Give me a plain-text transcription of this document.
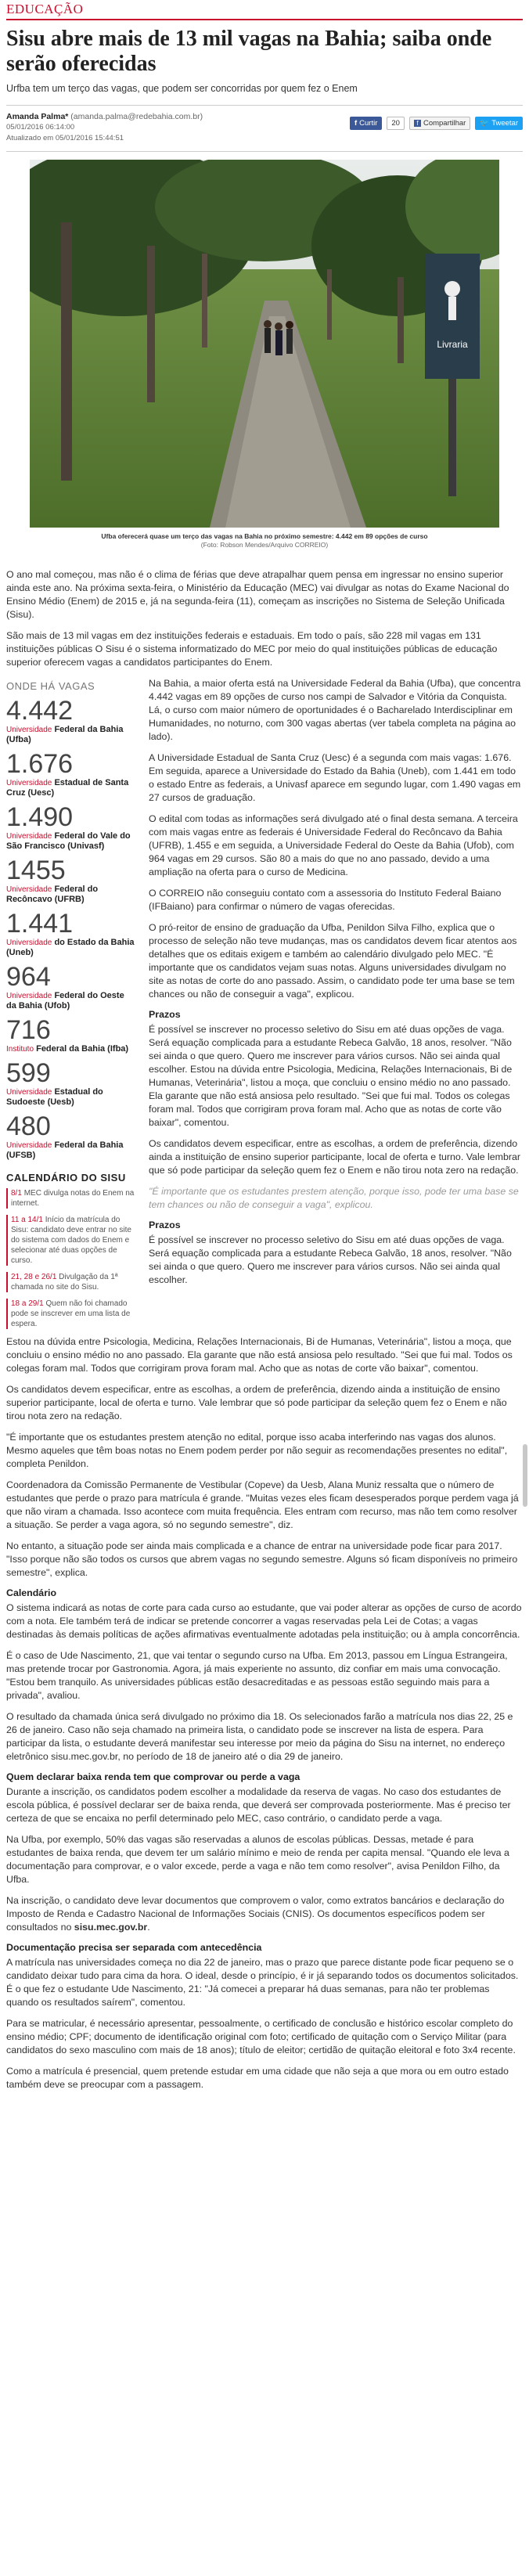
EDUCAÇÃO
Sisu abre mais de 13 mil vagas na Bahia; saiba onde serão oferecidas
Urfba tem um terço das vagas, que podem ser concorridas por quem fez o Enem
Amanda Palma* (amanda.palma@redebahia.com.br)
05/01/2016 06:14:00
Atualizado em 05/01/2016 15:44:51
f Curtir	20	f Compartilhar 🐦 Tweetar
Livraria
Ufba oferecerá quase um terço das vagas na Bahia no próximo semestre: 4.442 em 89 opções de curso
(Foto: Robson Mendes/Arquivo CORREIO)

O ano mal começou, mas não é o clima de férias que deve atrapalhar quem pensa em ingressar no ensino superior ainda este ano. Na próxima sexta-feira, o Ministério da Educação (MEC) vai divulgar as notas do Exame Nacional do Ensino Médio (Enem) de 2015 e, já na segunda-feira (11), começam as inscrições no Sistema de Seleção Unificada (Sisu).

São mais de 13 mil vagas em dez instituições federais e estaduais. Em todo o país, são 228 mil vagas em 131 instituições públicas O Sisu é o sistema informatizado do MEC por meio do qual instituições públicas de educação superior oferecem vagas a candidatos participantes do Enem.

ONDE HÁ VAGAS
4.442
Universidade Federal da Bahia (Ufba)
1.676
Universidade Estadual de Santa Cruz (Uesc)
1.490
Universidade Federal do Vale do São Francisco (Univasf)
1455
Universidade Federal do Recôncavo (UFRB)
1.441
Universidade do Estado da Bahia (Uneb)
964
Universidade Federal do Oeste da Bahia (Ufob)
716
Instituto Federal da Bahia (Ifba)
599
Universidade Estadual do Sudoeste (Uesb)
480
Universidade Federal da Bahia (UFSB)
CALENDÁRIO DO SISU
8/1 MEC divulga notas do Enem na internet.
11 a 14/1 Início da matrícula do Sisu: candidato deve entrar no site do sistema com dados do Enem e selecionar até duas opções de curso.
21, 28 e 26/1 Divulgação da 1ª chamada no site do Sisu.
18 a 29/1 Quem não foi chamado pode se inscrever em uma lista de espera.

Na Bahia, a maior oferta está na Universidade Federal da Bahia (Ufba), que concentra 4.442 vagas em 89 opções de curso nos campi de Salvador e Vitória da Conquista. Lá, o curso com maior número de oportunidades é o Bacharelado Interdisciplinar em Humanidades, no noturno, com 300 vagas abertas (ver tabela completa na página ao lado).

A Universidade Estadual de Santa Cruz (Uesc) é a segunda com mais vagas: 1.676. Em seguida, aparece a Universidade do Estado da Bahia (Uneb), com 1.441 em todo o estado Entre as federais, a Univasf aparece em segundo lugar, com 1.490 vagas em 27 cursos de graduação.

O edital com todas as informações será divulgado até o final desta semana. A terceira com mais vagas entre as federais é Universidade Federal do Recôncavo da Bahia (UFRB), 1.455 e em seguida, a Universidade Federal do Oeste da Bahia (Ufob), com 964 vagas em 29 cursos. São 80 a mais do que no ano passado, devido a uma ampliação na oferta para o curso de Medicina.

O CORREIO não conseguiu contato com a assessoria do Instituto Federal Baiano (IFBaiano) para confirmar o número de vagas oferecidas.

O pró-reitor de ensino de graduação da Ufba, Penildon Silva Filho, explica que o processo de seleção não teve mudanças, mas os candidatos devem ficar atentos aos detalhes que os editais exigem e também ao calendário divulgado pelo MEC. "É importante que os candidatos vejam suas notas. Alguns universidades divulgam no site as notas de corte do ano passado. Assim, o candidato pode ter uma base se tem chances ou não de conseguir a vaga", explicou.

Prazos

É possível se inscrever no processo seletivo do Sisu em até duas opções de vaga. Será equação complicada para a estudante Rebeca Galvão, 18 anos, resolver. "Não sei ainda o que quero. Quero me inscrever para vários cursos. Não sei ainda qual escolher. Estou na dúvida entre Psicologia, Medicina, Relações Internacionais, Bi de Humanas, Veterinária", listou a moça, que concluiu o ensino médio no ano passado. Ela garante que não está ansiosa pelo resultado. "Sei que fui mal. Todos os colegas foram mal. Todos que corrigiram prova foram mal. Acho que as notas de corte vão baixar", comentou.

Os candidatos devem especificar, entre as escolhas, a ordem de preferência, dizendo ainda a instituição de ensino superior participante, local de oferta e turno. Vale lembrar que só pode participar da seleção quem fez o Enem e não tirou nota zero na redação.

"É importante que os estudantes prestem atenção, porque isso, pode ter uma base se tem chances ou não de conseguir a vaga", explicou.

Prazos

É possível se inscrever no processo seletivo do Sisu em até duas opções de vaga. Será equação complicada para a estudante Rebeca Galvão, 18 anos, resolver. "Não sei ainda o que quero. Quero me inscrever para vários cursos. Não sei ainda qual escolher.

Estou na dúvida entre Psicologia, Medicina, Relações Internacionais, Bi de Humanas, Veterinária", listou a moça, que concluiu o ensino médio no ano passado. Ela garante que não está ansiosa pelo resultado. "Sei que fui mal. Todos os colegas foram mal. Todos que corrigiram prova foram mal. Acho que as notas de corte vão baixar", comentou.

Os candidatos devem especificar, entre as escolhas, a ordem de preferência, dizendo ainda a instituição de ensino superior participante, local de oferta e turno. Vale lembrar que só pode participar da seleção quem fez o Enem e não tirou nota zero na redação.

"É importante que os estudantes prestem atenção no edital, porque isso acaba interferindo nas vagas dos alunos. Mesmo aqueles que têm boas notas no Enem podem perder por não seguir as recomendações presentes no edital", completa Penildon.

Coordenadora da Comissão Permanente de Vestibular (Copeve) da Uesb, Alana Muniz ressalta que o número de estudantes que perde o prazo para matrícula é grande. "Muitas vezes eles ficam desesperados porque perdem vaga já que não viram a chamada. Isso acontece com muita frequência. Eles entram com recurso, mas não tem como resolver a situação. Se perder a vaga agora, só no segundo semestre", diz.

No entanto, a situação pode ser ainda mais complicada e a chance de entrar na universidade pode ficar para 2017. "Isso porque não são todos os cursos que abrem vagas no segundo semestre. Alguns só ficam disponíveis no primeiro semestre", explica.

Calendário

O sistema indicará as notas de corte para cada curso ao estudante, que vai poder alterar as opções de curso de acordo com a nota. Ele também terá de indicar se pretende concorrer a vagas reservadas pela Lei de Cotas; a vagas destinadas às demais políticas de ações afirmativas eventualmente adotadas pela instituição; ou à ampla concorrência.

É o caso de Ude Nascimento, 21, que vai tentar o segundo curso na Ufba. Em 2013, passou em Língua Estrangeira, mas pretende trocar por Gastronomia. Agora, já mais experiente no assunto, diz confiar em mais uma convocação. "Estou bem tranquilo. As universidades públicas estão desacreditadas e as pessoas estão seguindo mais para a privada", avaliou.

O resultado da chamada única será divulgado no próximo dia 18. Os selecionados farão a matrícula nos dias 22, 25 e 26 de janeiro. Caso não seja chamado na primeira lista, o candidato pode se inscrever na lista de espera. Para participar da lista, o estudante deverá manifestar seu interesse por meio da página do Sisu na internet, no endereço eletrônico sisu.mec.gov.br, no período de 18 de janeiro até o dia 29 de janeiro.

Quem declarar baixa renda tem que comprovar ou perde a vaga

Durante a inscrição, os candidatos podem escolher a modalidade da reserva de vagas. No caso dos estudantes de escola pública, é possível declarar ser de baixa renda, que deverá ser comprovada posteriormente. Mas é preciso ter certeza de que se encaixa no perfil determinado pelo MEC, caso contrário, o candidato perde a vaga.

Na Ufba, por exemplo, 50% das vagas são reservadas a alunos de escolas públicas. Dessas, metade é para estudantes de baixa renda, que devem ter um salário mínimo e meio de renda per capita mensal. "Quando ele leva a documentação para comprovar, e o valor excede, perde a vaga e não tem como resolver", avisa Penildon Filho, da Ufba.

Na inscrição, o candidato deve levar documentos que comprovem o valor, como extratos bancários e declaração do Imposto de Renda e Cadastro Nacional de Informações Sociais (CNIS). Os documentos específicos podem ser consultados no sisu.mec.gov.br.

Documentação precisa ser separada com antecedência

A matrícula nas universidades começa no dia 22 de janeiro, mas o prazo que parece distante pode ficar pequeno se o candidato deixar tudo para cima da hora. O ideal, desde o princípio, é ir já separando todos os documentos solicitados. É o que fez o estudante Ude Nascimento, 21: "Já comecei a preparar há duas semanas, para não ter problemas quando os resultados saírem", comentou.

Para se matricular, é necessário apresentar, pessoalmente, o certificado de conclusão e histórico escolar completo do ensino médio; CPF; documento de identificação original com foto; certificado de quitação com o Serviço Militar (para candidatos do sexo masculino com mais de 18 anos); título de eleitor; certidão de quitação eleitoral e foto 3x4 recente.

Como a matrícula é presencial, quem pretende estudar em uma cidade que não seja a que mora ou em outro estado também deve se preocupar com a passagem.
